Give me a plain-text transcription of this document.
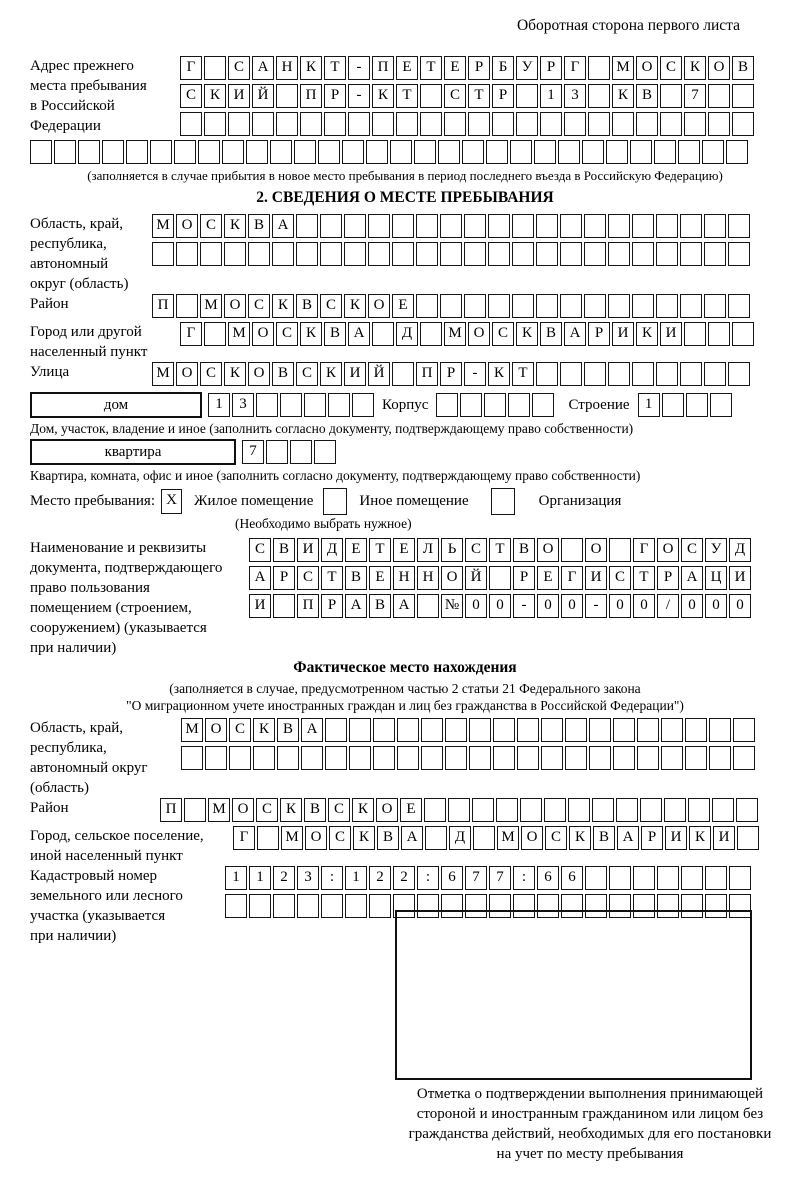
Оборотная сторона первого листа
Адрес прежнего
места пребывания
в Российской
Федерации
Г	С А Н К Т - П Е Т Е Р Б У Р Г М О С К О В
С К И Й П Р - К Т	С Т Р	1 3	К В	7
(заполняется в случае прибытия в новое место пребывания в период последнего въезда в Российскую Федерацию)
2. СВЕДЕНИЯ О МЕСТЕ ПРЕБЫВАНИЯ
Область, край,
республика,
автономный
округ (область)
М О С К В А
Район	П М О С К В С К О Е
Город или другой
населенный пункт
Г М О С К В А Д М О С К В А Р И К И
Улица	М О С К О В С К И Й П Р - К Т
дом	1 3	Корпус	Строение	1
Дом, участок, владение и иное (заполнить согласно документу, подтверждающему право собственности)
квартира	7
Квартира, комната, офис и иное (заполнить согласно документу, подтверждающему право собственности)
Место пребывания: X	Жилое помещение	Иное помещение	Организация
(Необходимо выбрать нужное)
Наименование и реквизиты
документа, подтверждающего
право пользования
помещением (строением,
сооружением) (указывается
при наличии)
С В И Д Е Т Е Л Ь С Т В О О	Г О С У Д
А Р С Т В Е Н Н О Й	Р Е Г И С Т Р А Ц И
И П Р А В А № 0 0 - 0 0 - 0 0 / 0 0 0
Фактическое место нахождения
(заполняется в случае, предусмотренном частью 2 статьи 21 Федерального закона
"О миграционном учете иностранных граждан и лиц без гражданства в Российской Федерации")
Область, край,
республика,
автономный округ
(область)
М О С К В А
Район	П М О С К В С К О Е
Город, сельское поселение,
иной населенный пункт
Г М О С К В А Д М О С К В А Р И К И
Кадастровый номер
земельного или лесного
участка (указывается
при наличии)
1 1 2 3 : 1 2 2 : 6 7 7 : 6 6
Отметка о подтверждении выполнения принимающей
стороной и иностранным гражданином или лицом без
гражданства действий, необходимых для его постановки
на учет по месту пребывания
